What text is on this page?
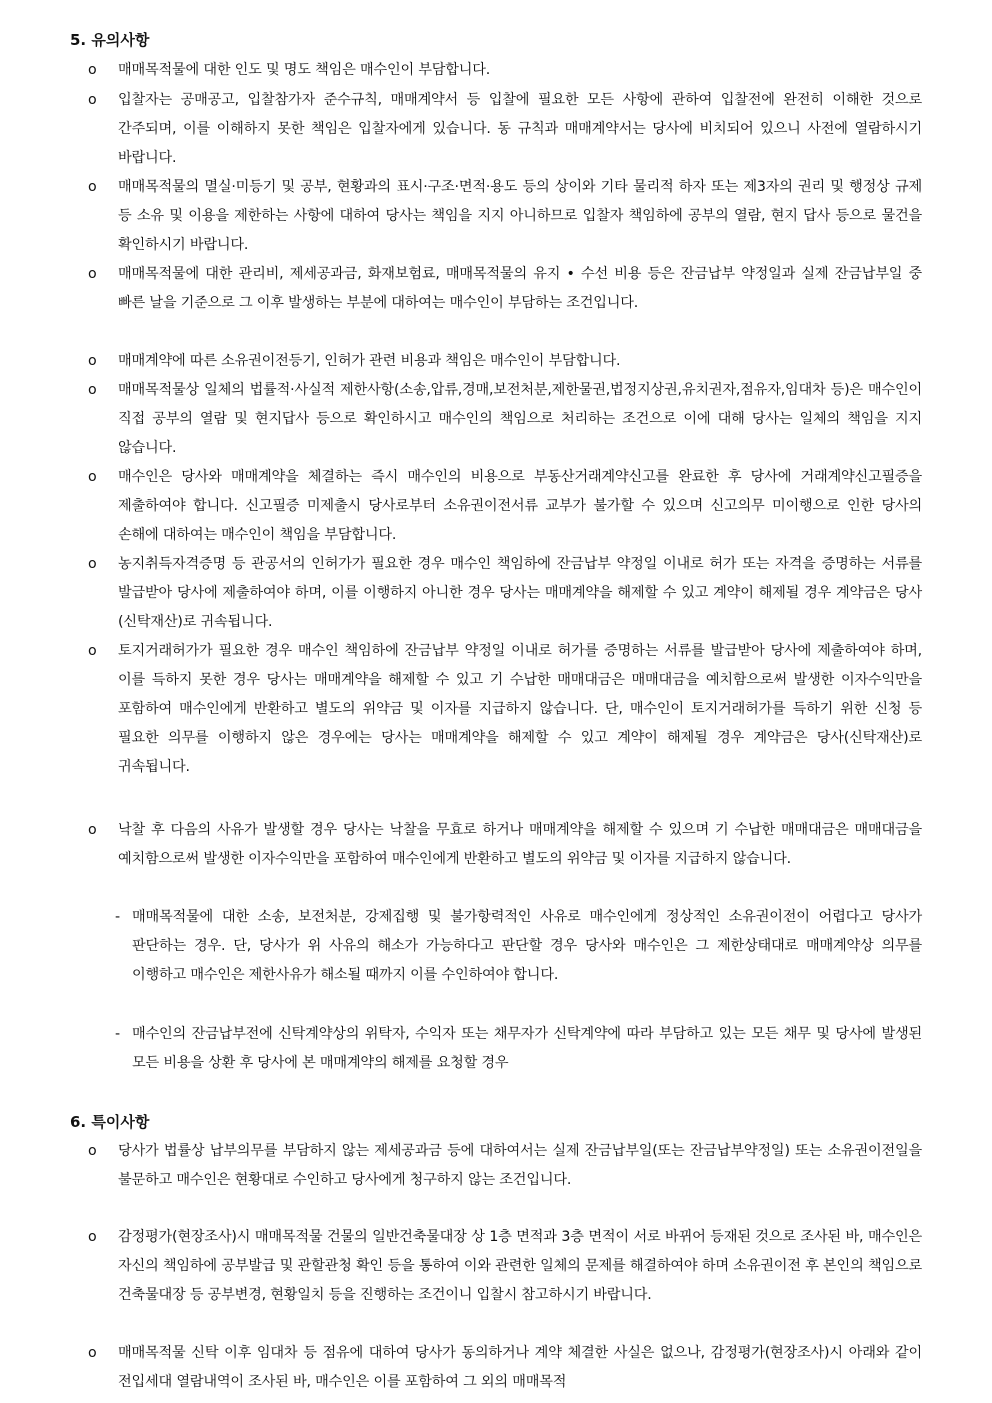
5. 유의사항
o	매매목적물에 대한 인도 및 명도 책임은 매수인이 부담합니다.
o	입찰자는 공매공고, 입찰참가자 준수규칙, 매매계약서 등 입찰에 필요한 모든 사항에 관하여 입찰전에 완전히 이해한 것으로 간주되며, 이를 이해하지 못한 책임은 입찰자에게 있습니다. 동 규칙과 매매계약서는 당사에 비치되어 있으니 사전에 열람하시기 바랍니다.
o	매매목적물의 멸실·미등기 및 공부, 현황과의 표시·구조·면적·용도 등의 상이와 기타 물리적 하자 또는 제3자의 권리 및 행정상 규제 등 소유 및 이용을 제한하는 사항에 대하여 당사는 책임을 지지 아니하므로 입찰자 책임하에 공부의 열람, 현지 답사 등으로 물건을 확인하시기 바랍니다.
o	매매목적물에 대한 관리비, 제세공과금, 화재보험료, 매매목적물의 유지 • 수선 비용 등은 잔금납부 약정일과 실제 잔금납부일 중 빠른 날을 기준으로 그 이후 발생하는 부분에 대하여는 매수인이 부담하는 조건입니다.
o	매매계약에 따른 소유권이전등기, 인허가 관련 비용과 책임은 매수인이 부담합니다.
o	매매목적물상 일체의 법률적·사실적 제한사항(소송,압류,경매,보전처분,제한물권,법정지상권,유치권자,점유자,임대차 등)은 매수인이 직접 공부의 열람 및 현지답사 등으로 확인하시고 매수인의 책임으로 처리하는 조건으로 이에 대해 당사는 일체의 책임을 지지 않습니다.
o	매수인은 당사와 매매계약을 체결하는 즉시 매수인의 비용으로 부동산거래계약신고를 완료한 후 당사에 거래계약신고필증을 제출하여야 합니다. 신고필증 미제출시 당사로부터 소유권이전서류 교부가 불가할 수 있으며 신고의무 미이행으로 인한 당사의 손해에 대하여는 매수인이 책임을 부담합니다.
o	농지취득자격증명 등 관공서의 인허가가 필요한 경우 매수인 책임하에 잔금납부 약정일 이내로 허가 또는 자격을 증명하는 서류를 발급받아 당사에 제출하여야 하며, 이를 이행하지 아니한 경우 당사는 매매계약을 해제할 수 있고 계약이 해제될 경우 계약금은 당사(신탁재산)로 귀속됩니다.
o	토지거래허가가 필요한 경우 매수인 책임하에 잔금납부 약정일 이내로 허가를 증명하는 서류를 발급받아 당사에 제출하여야 하며, 이를 득하지 못한 경우 당사는 매매계약을 해제할 수 있고 기 수납한 매매대금은 매매대금을 예치함으로써 발생한 이자수익만을 포함하여 매수인에게 반환하고 별도의 위약금 및 이자를 지급하지 않습니다. 단, 매수인이 토지거래허가를 득하기 위한 신청 등 필요한 의무를 이행하지 않은 경우에는 당사는 매매계약을 해제할 수 있고 계약이 해제될 경우 계약금은 당사(신탁재산)로 귀속됩니다.
o	낙찰 후 다음의 사유가 발생할 경우 당사는 낙찰을 무효로 하거나 매매계약을 해제할 수 있으며 기 수납한 매매대금은 매매대금을 예치함으로써 발생한 이자수익만을 포함하여 매수인에게 반환하고 별도의 위약금 및 이자를 지급하지 않습니다.
- 매매목적물에 대한 소송, 보전처분, 강제집행 및 불가항력적인 사유로 매수인에게 정상적인 소유권이전이 어렵다고 당사가 판단하는 경우. 단, 당사가 위 사유의 해소가 가능하다고 판단할 경우 당사와 매수인은 그 제한상태대로 매매계약상 의무를 이행하고 매수인은 제한사유가 해소될 때까지 이를 수인하여야 합니다.
- 매수인의 잔금납부전에 신탁계약상의 위탁자, 수익자 또는 채무자가 신탁계약에 따라 부담하고 있는 모든 채무 및 당사에 발생된 모든 비용을 상환 후 당사에 본 매매계약의 해제를 요청할 경우
6. 특이사항
o	당사가 법률상 납부의무를 부담하지 않는 제세공과금 등에 대하여서는 실제 잔금납부일(또는 잔금납부약정일) 또는 소유권이전일을 불문하고 매수인은 현황대로 수인하고 당사에게 청구하지 않는 조건입니다.
o	감정평가(현장조사)시 매매목적물 건물의 일반건축물대장 상 1층 면적과 3층 면적이 서로 바뀌어 등재된 것으로 조사된 바, 매수인은 자신의 책임하에 공부발급 및 관할관청 확인 등을 통하여 이와 관련한 일체의 문제를 해결하여야 하며 소유권이전 후 본인의 책임으로 건축물대장 등 공부변경, 현황일치 등을 진행하는 조건이니 입찰시 참고하시기 바랍니다.
o	매매목적물 신탁 이후 임대차 등 점유에 대하여 당사가 동의하거나 계약 체결한 사실은 없으나, 감정평가(현장조사)시 아래와 같이 전입세대 열람내역이 조사된 바, 매수인은 이를 포함하여 그 외의 매매목적
